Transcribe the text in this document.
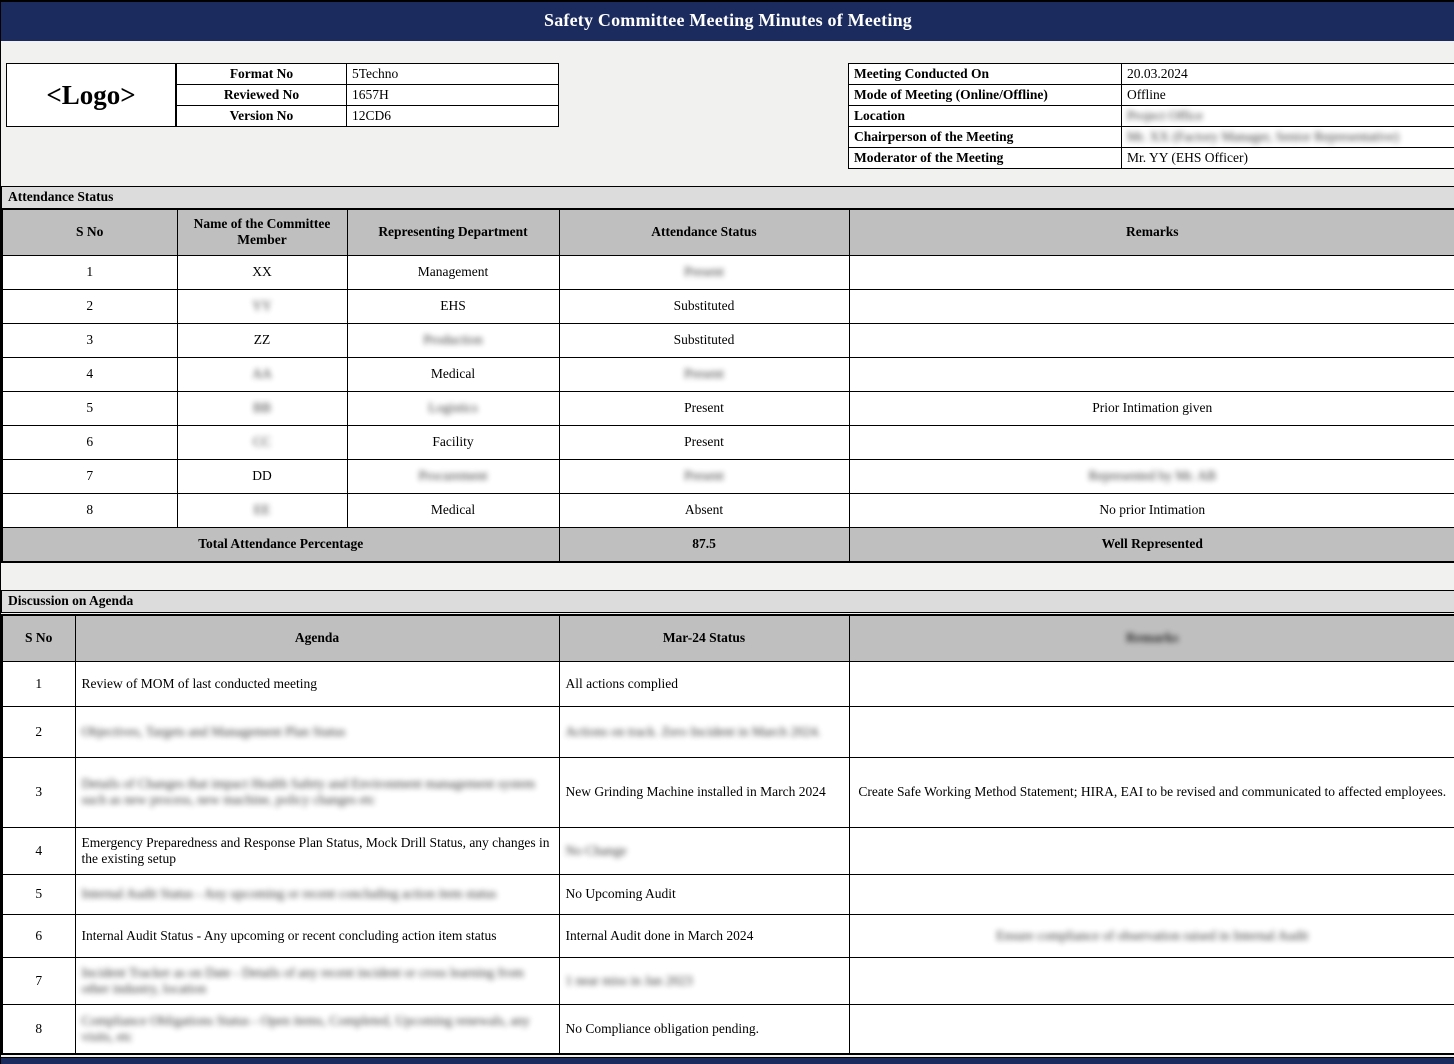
Safety Committee Meeting Minutes of Meeting
<Logo>
Format No	5Techno
Reviewed No	1657H
Version No	12CD6
Meeting Conducted On	20.03.2024
Mode of Meeting (Online/Offline)	Offline
Location	Project Office
Chairperson of the Meeting	Mr. XX (Factory Manager, Senior Representative)
Moderator of the Meeting	Mr. YY (EHS Officer)
Attendance Status
S No	Name of the Committee Member	Representing Department	Attendance Status	Remarks
1	XX	Management	Present	
2	YY	EHS	Substituted	
3	ZZ	Production	Substituted	
4	AA	Medical	Present	
5	BB	Logistics	Present	Prior Intimation given
6	CC	Facility	Present	
7	DD	Procurement	Present	Represented by Mr. AB
8	EE	Medical	Absent	No prior Intimation
Total Attendance Percentage			87.5	Well Represented
Discussion on Agenda
S No	Agenda	Mar-24 Status	Remarks
1	Review of MOM of last conducted meeting	All actions complied	
2	Objectives, Targets and Management Plan Status	Actions on track. Zero Incident in March 2024.	
3	Details of Changes that impact Health Safety and Environment management system such as new process, new machine, policy changes etc	New Grinding Machine installed in March 2024	Create Safe Working Method Statement; HIRA, EAI to be revised and communicated to affected employees.
4	Emergency Preparedness and Response Plan Status, Mock Drill Status, any changes in the existing setup	No Change	
5	Internal Audit Status - Any upcoming or recent concluding action item status	No Upcoming Audit	
6	Internal Audit Status - Any upcoming or recent concluding action item status	Internal Audit done in March 2024	Ensure compliance of observation raised in Internal Audit
7	Incident Tracker as on Date - Details of any recent incident or cross learning from other industry, location	1 near miss in Jan 2023	
8	Compliance Obligations Status - Open items, Completed, Upcoming renewals, any visits, etc	No Compliance obligation pending.	
